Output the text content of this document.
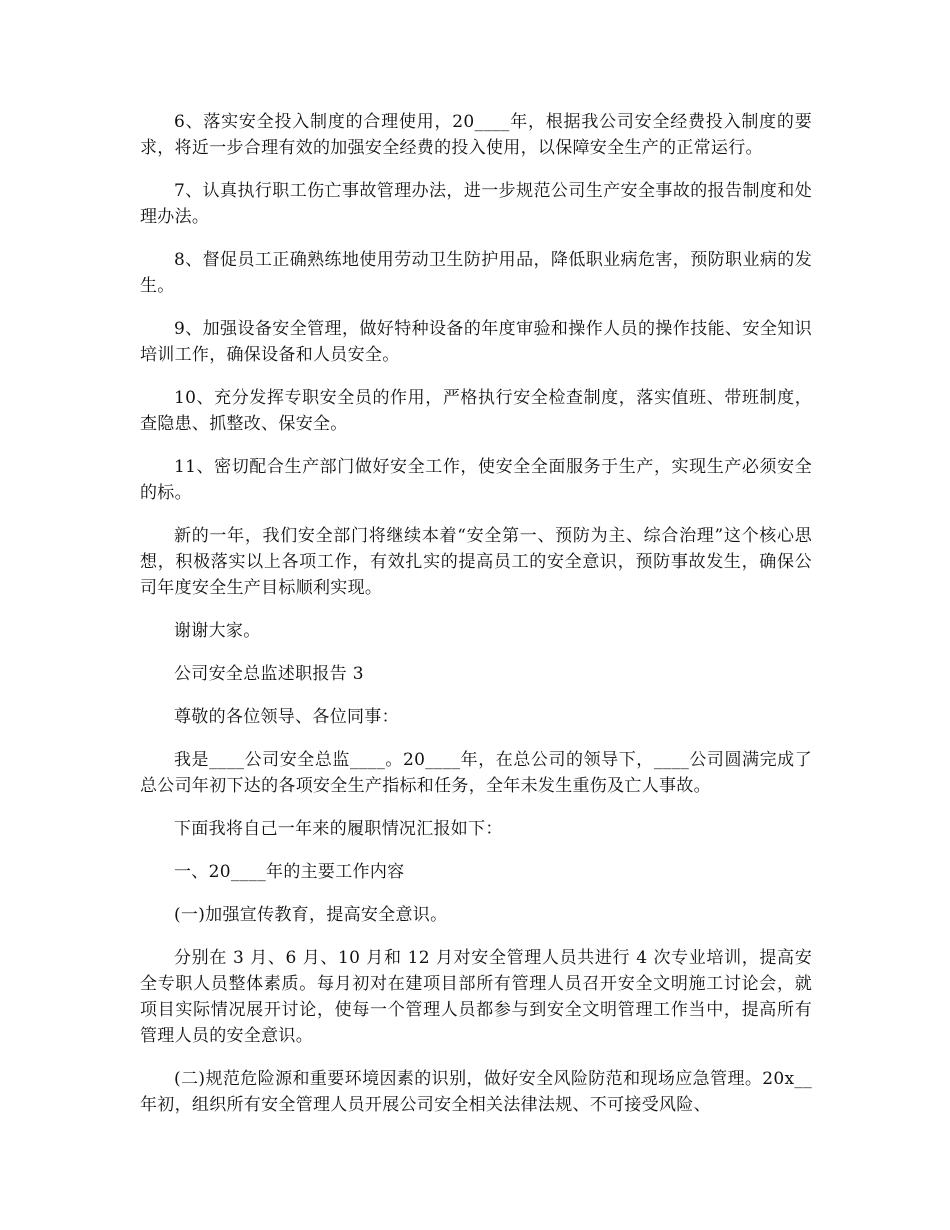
6、落实安全投入制度的合理使用，20____年，根据我公司安全经费投入制度的要求，将近一步合理有效的加强安全经费的投入使用，以保障安全生产的正常运行。

7、认真执行职工伤亡事故管理办法，进一步规范公司生产安全事故的报告制度和处理办法。

8、督促员工正确熟练地使用劳动卫生防护用品，降低职业病危害，预防职业病的发生。

9、加强设备安全管理，做好特种设备的年度审验和操作人员的操作技能、安全知识培训工作，确保设备和人员安全。

10、充分发挥专职安全员的作用，严格执行安全检查制度，落实值班、带班制度，查隐患、抓整改、保安全。

11、密切配合生产部门做好安全工作，使安全全面服务于生产，实现生产必须安全的标。

新的一年，我们安全部门将继续本着“安全第一、预防为主、综合治理”这个核心思想，积极落实以上各项工作，有效扎实的提高员工的安全意识，预防事故发生，确保公司年度安全生产目标顺利实现。

谢谢大家。

公司安全总监述职报告 3

尊敬的各位领导、各位同事：

我是____公司安全总监____。20____年，在总公司的领导下，____公司圆满完成了总公司年初下达的各项安全生产指标和任务，全年未发生重伤及亡人事故。

下面我将自己一年来的履职情况汇报如下：

一、20____年的主要工作内容

(一)加强宣传教育，提高安全意识。

分别在 3 月、6 月、10 月和 12 月对安全管理人员共进行 4 次专业培训，提高安全专职人员整体素质。每月初对在建项目部所有管理人员召开安全文明施工讨论会，就项目实际情况展开讨论，使每一个管理人员都参与到安全文明管理工作当中，提高所有管理人员的安全意识。

(二)规范危险源和重要环境因素的识别，做好安全风险防范和现场应急管理。20x__年初，组织所有安全管理人员开展公司安全相关法律法规、不可接受风险、
